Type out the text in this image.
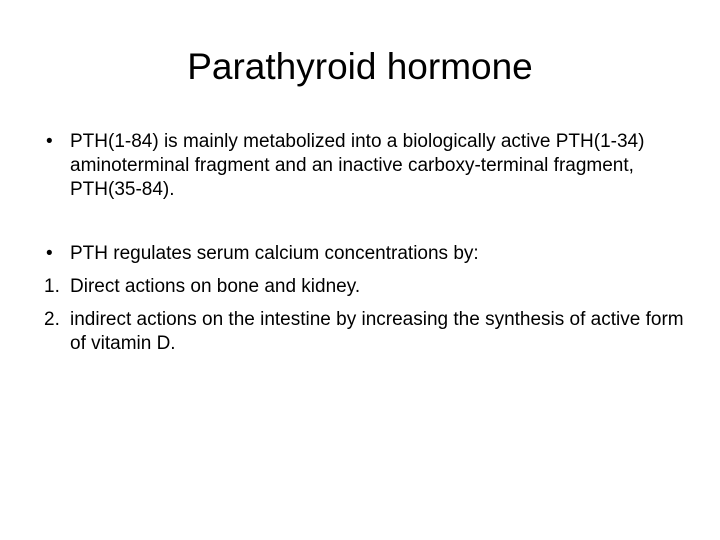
Parathyroid hormone

• PTH(1-84) is mainly metabolized into a biologically active PTH(1-34) aminoterminal fragment and an inactive carboxy-terminal fragment, PTH(35-84).

• PTH regulates serum calcium concentrations by:

1. Direct actions on bone and kidney.

2. indirect actions on the intestine by increasing the synthesis of active form of vitamin D.
